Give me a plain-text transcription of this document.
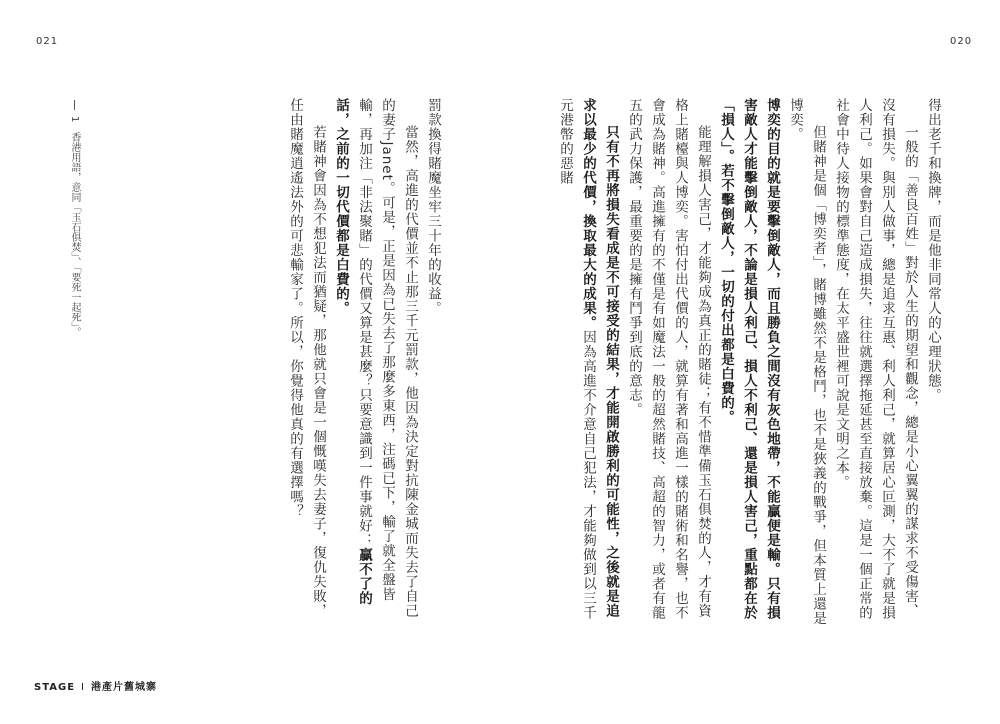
021	020

得出老千和換牌，而是他非同常人的心理狀態。

一般的「善良百姓」對於人生的期望和觀念，總是小心翼翼的謀求不受傷害、沒有損失。與別人做事，總是追求互惠、利人利己，就算居心叵測，大不了就是損人利己。如果會對自己造成損失，往往就選擇拖延甚至直接放棄。這是一個正常的社會中待人接物的標準態度，在太平盛世裡可說是文明之本。

但賭神是個「博奕者」，賭博雖然不是格鬥，也不是狹義的戰爭，但本質上還是博奕。

博奕的目的就是要擊倒敵人，而且勝負之間沒有灰色地帶，不能贏便是輸。只有損害敵人才能擊倒敵人，不論是損人利己、損人不利己、還是損人害己，重點都在於「損人」。若不擊倒敵人，一切的付出都是白費的。

能理解損人害己，才能夠成為真正的賭徒；有不惜準備玉石俱焚的人，才有資格上賭檯與人博奕。害怕付出代價的人，就算有著和高進一樣的賭術和名譽，也不會成為賭神。高進擁有的不僅是有如魔法一般的超然賭技、高超的智力，或者有龍五的武力保護，最重要的是擁有鬥爭到底的意志。

只有不再將損失看成是不可接受的結果，才能開啟勝利的可能性，之後就是追求以最少的代價，換取最大的成果。因為高進不介意自己犯法，才能夠做到以三千元港幣的惡賭

罰款換得賭魔坐牢三十年的收益。

當然，高進的代價並不止那三千元罰款，他因為決定對抗陳金城而失去了自己的妻子Janet。可是，正是因為已失去了那麼多東西，注碼已下，輸了就全盤皆輸，再加注「非法聚賭」的代價又算是甚麼？只要意識到一件事就好：贏不了的話，之前的一切代價都是白費的。

若賭神會因為不想犯法而猶疑，那他就只會是一個慨嘆失去妻子，復仇失敗，任由賭魔逍遙法外的可悲輸家了。所以，你覺得他真的有選擇嗎？

1　香港用語，意同「玉石俱焚」、「要死一起死」。
STAGE I 港產片舊城寨
